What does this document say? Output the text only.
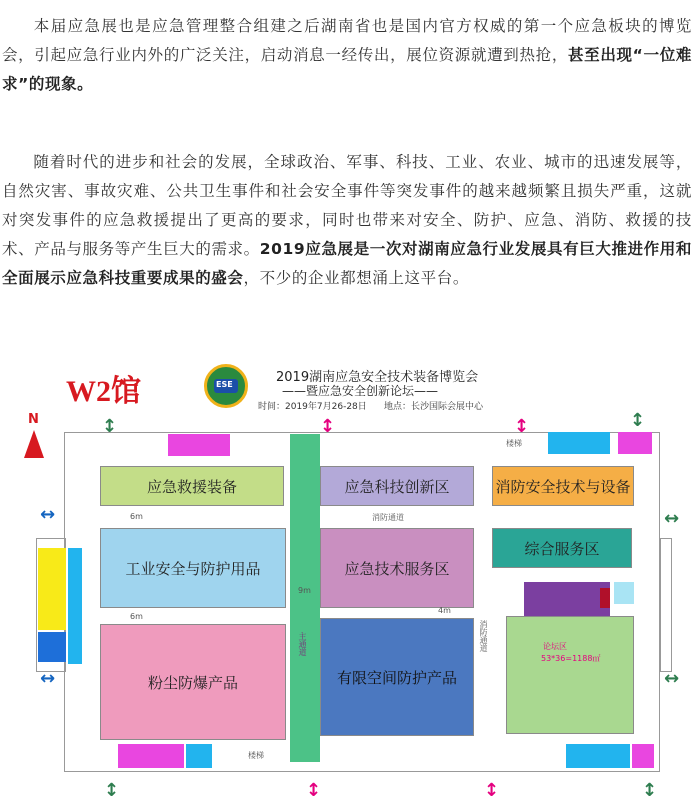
本届应急展也是应急管理整合组建之后湖南省也是国内官方权威的第一个应急板块的博览会，引起应急行业内外的广泛关注，启动消息一经传出，展位资源就遭到热抢，甚至出现“一位难求”的现象。

随着时代的进步和社会的发展，全球政治、军事、科技、工业、农业、城市的迅速发展等，自然灾害、事故灾难、公共卫生事件和社会安全事件等突发事件的越来越频繁且损失严重，这就对突发事件的应急救援提出了更高的要求，同时也带来对安全、防护、应急、消防、救援的技术、产品与服务等产生巨大的需求。2019应急展是一次对湖南应急行业发展具有巨大推进作用和全面展示应急科技重要成果的盛会，不少的企业都想涌上这平台。

W2馆	ESE	2019湖南应急安全技术装备博览会
——暨应急安全创新论坛——
时间：2019年7月26-28日      地点：长沙国际会展中心
N	↕	↕	↕	↕
↕	↕	↕	↕
↔
↔
↔
↔
楼梯
楼梯
主通道
应急救援装备	应急科技创新区	消防安全技术与设备
6m	消防通道
工业安全与防护用品	应急技术服务区
综合服务区
9m
6m
4m
消防通道
粉尘防爆产品	有限空间防护产品
论坛区
53*36=1188㎡
